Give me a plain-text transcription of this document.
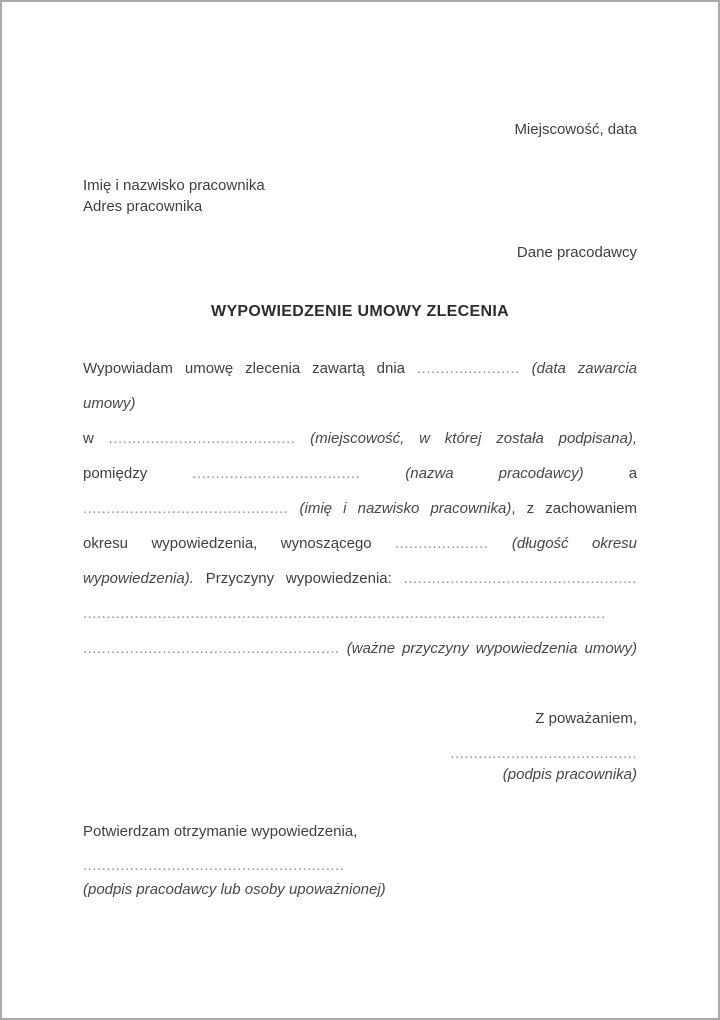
Miejscowość, data
Imię i nazwisko pracownika
Adres pracownika
Dane pracodawcy
WYPOWIEDZENIE UMOWY ZLECENIA
Wypowiadam umowę zlecenia zawartą dnia ...................... (data zawarcia umowy)
w ........................................ (miejscowość, w której została podpisana),
pomiędzy	....................................	(nazwa pracodawcy)	a
............................................ (imię i nazwisko pracownika), z zachowaniem
okresu wypowiedzenia, wynoszącego .................... (długość okresu
wypowiedzenia). Przyczyny wypowiedzenia: ..................................................
................................................................................................................
....................................................... (ważne przyczyny wypowiedzenia umowy)
Z poważaniem,
........................................
(podpis pracownika)
Potwierdzam otrzymanie wypowiedzenia,
........................................................
(podpis pracodawcy lub osoby upoważnionej)
